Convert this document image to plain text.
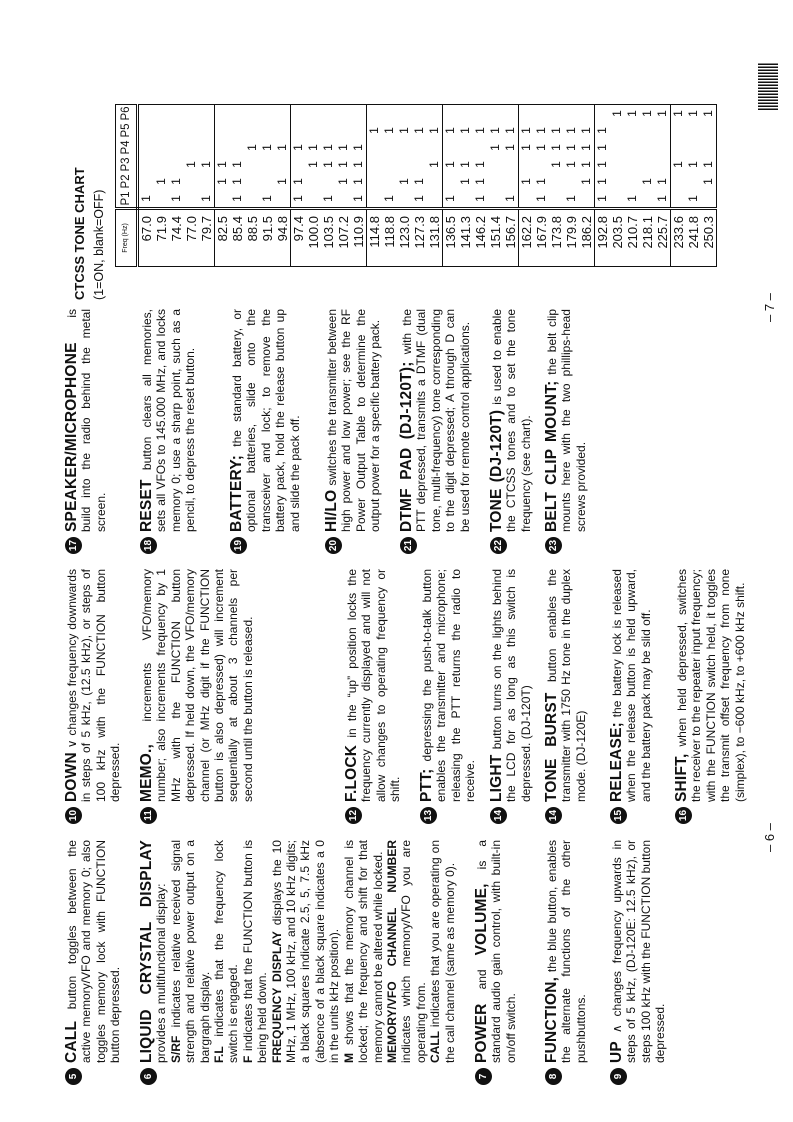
5
CALL button toggles between the active memory/VFO and memory 0; also toggles memory lock with FUNCTION button depressed.
6
LIQUID CRYSTAL DISPLAY provides a multifunctional display: S/RF indicates relative received signal strength and relative power output on a bargraph display. F.L indicates that the frequency lock switch is engaged. F indicates that the FUNCTION button is being held down. FREQUENCY DISPLAY displays the 10 MHz, 1 MHz, 100 kHz, and 10 kHz digits; a black squares indicate 2.5, 5, 7.5 kHz (absence of a black square indicates a 0 in the units kHz position). M shows that the memory channel is locked; the frequency and shift for that memory cannot be altered while locked. MEMORY/VFO CHANNEL NUMBER indicates which memory/VFO you are operating from. CALL indicates that you are operating on the call channel (same as memory 0).
7
POWER and VOLUME, is a standard audio gain control, with built-in on/off switch.
8
FUNCTION, the blue button, enables the alternate functions of the other pushbuttons.
9
UP ∧ changes frequency upwards in steps of 5 kHz, (DJ-120E: 12.5 kHz), or steps 100 kHz with the FUNCTION button depressed.
10
DOWN ∨ changes frequency downwards in steps of 5 kHz, (12.5 kHz), or steps of 100 kHz with the FUNCTION button depressed.
11
MEMO., increments VFO/memory number; also increments frequency by 1 MHz with the FUNCTION button depressed. If held down, the VFO/memory channel (or MHz digit if the FUNCTION button is also depressed) will increment sequentially at about 3 channels per second until the button is released.
12
F.LOCK in the “up” position locks the frequency currently displayed and will not allow changes to operating frequency or shift.
13
PTT; depressing the push-to-talk button enables the transmitter and microphone; releasing the PTT returns the radio to receive.
14
LIGHT button turns on the lights behind the LCD for as long as this switch is depressed. (DJ-120T)
14
TONE BURST button enables the transmitter with 1750 Hz tone in the duplex mode. (DJ-120E)
15
RELEASE; the battery lock is released when the release button is held upward, and the battery pack may be slid off.
16
SHIFT, when held depressed, switches the receiver to the repeater input frequency; with the FUNCTION switch held, it toggles the transmit offset frequency from none (simplex), to −600 kHz, to +600 kHz shift.
17
SPEAKER/MICROPHONE is build into the radio behind the metal screen.
18
RESET button clears all memories, sets all VFOs to 145.000 MHz, and locks memory 0; use a sharp point, such as a pencil, to depress the reset button.
19
BATTERY; the standard battery, or optional batteries, slide onto the transceiver and lock; to remove the battery pack, hold the release button up and slide the pack off.
20
HI/LO switches the transmitter between high power and low power; see the RF Power Output Table to determine the output power for a specific battery pack.
21
DTMF PAD (DJ-120T); with the PTT depressed, transmits a DTMF (dual tone, multi-frequency) tone corresponding to the digit depressed; A through D can be used for remote control applications.
22
TONE (DJ-120T) is used to enable the CTCSS tones and to set the tone frequency (see chart).
23
BELT CLIP MOUNT; the belt clip mounts here with the two phillips-head screws provided.
CTCSS TONE CHART (1=ON, blank=OFF) Freq (Hz)	P1	P2	P3	P4	P5	P6
67.0	1					
71.9		1				
74.4	1	1				
77.0			1			
79.7	1		1			
82.5		1	1			
85.4	1	1	1			
88.5				1		
91.5	1			1		
94.8		1		1		
97.4	1	1		1		
100.0			1	1		
103.5	1		1	1		
107.2		1	1	1		
110.9	1	1	1	1		
114.8					1	
118.8	1				1	
123.0		1			1	
127.3	1	1			1	
131.8			1		1	
136.5	1		1		1	
141.3		1	1		1	
146.2	1	1	1		1	
151.4				1	1	
156.7	1			1	1	
162.2		1		1	1	
167.9	1	1		1	1	
173.8			1	1	1	
179.9	1		1	1	1	
186.2		1	1	1	1	
192.8	1	1	1	1	1	
203.5						1
210.7	1					1
218.1		1				1
225.7	1	1				1
233.6			1			1
241.8	1		1			1
250.3		1	1			1
– 6 –
– 7 –
